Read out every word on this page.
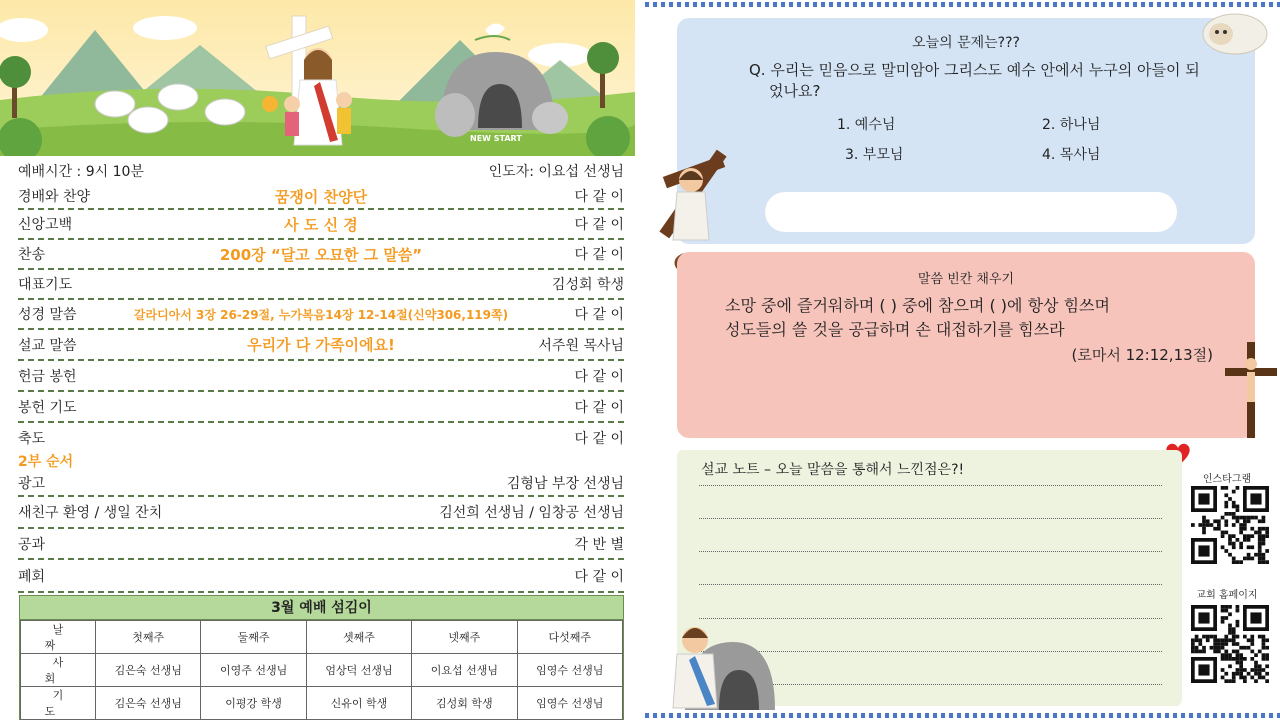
NEW START
예배시간 : 9시 10분	인도자: 이요섭 선생님
경배와 찬양	꿈쟁이 찬양단	다 같 이
신앙고백	사 도 신 경	다 같 이
찬송	200장 “달고 오묘한 그 말씀”	다 같 이
대표기도	김성회 학생
성경 말씀	갈라디아서 3장 26-29절, 누가복음14장 12-14절(신약306,119쪽)	다 같 이
설교 말씀	우리가 다 가족이에요!	서주원 목사님
헌금 봉헌	다 같 이
봉헌 기도	다 같 이
축도	다 같 이
2부 순서
광고	김형남 부장 선생님
새친구 환영 / 생일 잔치	김선희 선생님 / 임창공 선생님
공과	각 반 별
폐회	다 같 이
3월 예배 섬김이
날 짜	첫째주	둘째주	셋째주	넷째주	다섯째주
사 회	김은숙 선생님	이영주 선생님	엄상덕 선생님	이요섭 선생님	임영수 선생님
기 도	김은숙 선생님	이평강 학생	신유이 학생	김성회 학생	임영수 선생님
오늘의 문제는???
Q. 우리는 믿음으로 말미암아 그리스도 예수 안에서 누구의 아들이 되었나요?
1. 예수님	2. 하나님
3. 부모님	4. 목사님
말씀 빈칸 채우기
소망 중에 즐거워하며 ( ) 중에 참으며 ( )에 항상 힘쓰며
성도들의 쓸 것을 공급하며 손 대접하기를 힘쓰라
(로마서 12:12,13절)
설교 노트 – 오늘 말씀을 통해서 느낀점은?!
인스타그램
교회 홈페이지
